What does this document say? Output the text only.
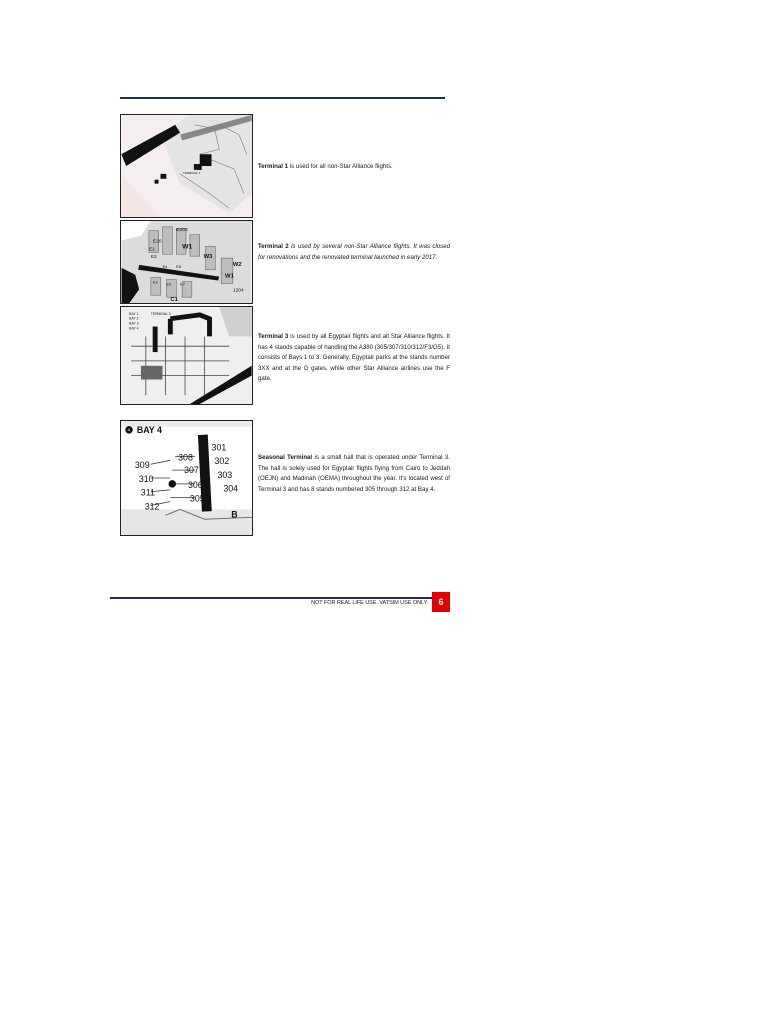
TERMINAL 1
Terminal 1 is used for all non-Star Alliance flights.
E203
E20
E2
E1	W1
W3
W2
W1
C1
E3
E4
E5
E6
E7
1204
Terminal 2 is used by several non-Star Alliance flights. It was closed for renovations and the renovated terminal launched in early 2017.
BAY 1
BAY 2
BAY 3
BAY 4
TERMINAL 3
Terminal 3 is used by all Egyptair flights and all Star Alliance flights. It has 4 stands capable of handling the A380 (305/307/310/312/F3/G5). It consists of Bays 1 to 3. Generally, Egyptair parks at the stands number 3XX and at the G gates, while other Star Alliance airlines use the F gate.
4 BAY 4
301
302
303
304
305
306
307
308
309
310
311
312
B
Seasonal Terminal is a small hall that is operated under Terminal 3. The hall is solely used for Egyptair flights flying from Cairo to Jeddah (OEJN) and Madinah (OEMA) throughout the year. It's located west of Terminal 3 and has 8 stands numbered 305 through 312 at Bay 4.
NOT FOR REAL LIFE USE. VATSIM USE ONLY.	6
